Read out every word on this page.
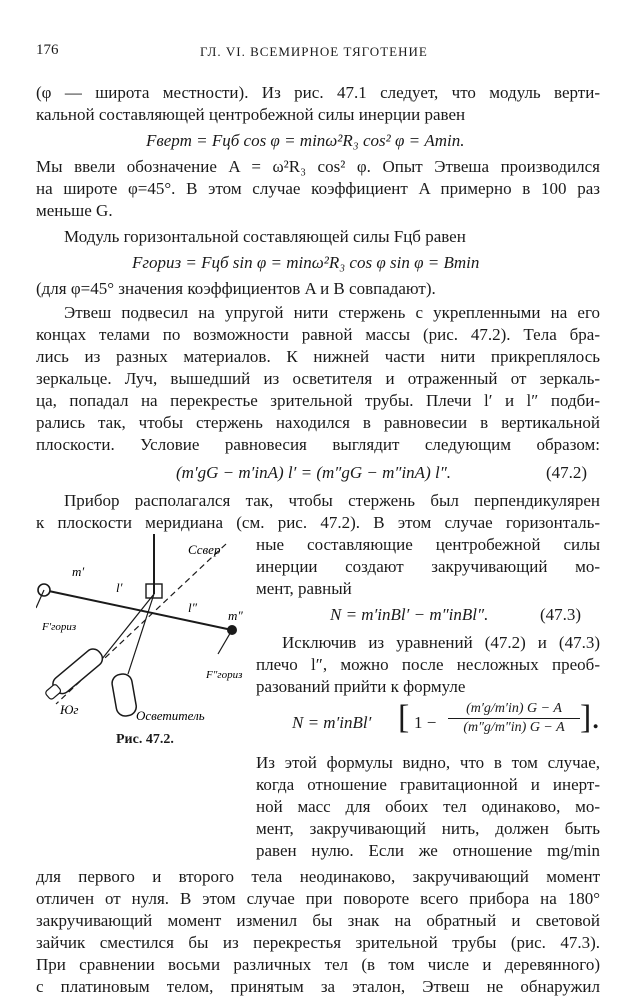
176	ГЛ. VI. ВСЕМИРНОЕ ТЯГОТЕНИЕ
(φ — широта местности). Из рис. 47.1 следует, что модуль верти-
кальной составляющей центробежной силы инерции равен
Fверт = Fцб cos φ = minω²R₃ cos² φ = Amin.
Мы ввели обозначение A = ω²R₃ cos² φ. Опыт Этвеша производился
на широте φ=45°. В этом случае коэффициент A примерно в 100 раз
меньше G.
Модуль горизонтальной составляющей силы Fцб равен
Fгориз = Fцб sin φ = minω²R₃ cos φ sin φ = Bmin
(для φ=45° значения коэффициентов A и B совпадают).
Этвеш подвесил на упругой нити стержень с укрепленными на его
концах телами по возможности равной массы (рис. 47.2). Тела бра-
лись из разных материалов. К нижней части нити прикреплялось
зеркальце. Луч, вышедший из осветителя и отраженный от зеркаль-
ца, попадал на перекрестье зрительной трубы. Плечи l′ и l″ подби-
рались так, чтобы стержень находился в равновесии в вертикальной
плоскости. Условие равновесия выглядит следующим образом:
(m′gG − m′inA) l′ = (m″gG − m″inA) l″.	(47.2)
Прибор располагался так, чтобы стержень был перпендикулярен
к плоскости меридиана (см. рис. 47.2). В этом случае горизонталь-
ные составляющие центробежной силы
инерции создают закручивающий мо-
мент, равный
N = m′inBl′ − m″inBl″.	(47.3)
Исключив из уравнений (47.2) и (47.3)
плечо l″, можно после несложных преоб-
разований прийти к формуле
N = m′inBl′ [ $1 - \frac{(m'g/m'in) G - A}{(m''g/m''in) G - A}$ ].
Из этой формулы видно, что в том случае,
когда отношение гравитационной и инерт-
ной масс для обоих тел одинаково, мо-
мент, закручивающий нить, должен быть
равен нулю. Если же отношение mg/min
для первого и второго тела неодинаково, закручивающий момент
отличен от нуля. В этом случае при повороте всего прибора на 180°
закручивающий момент изменил бы знак на обратный и световой
зайчик сместился бы из перекрестья зрительной трубы (рис. 47.3).
При сравнении восьми различных тел (в том числе и деревянного)
с платиновым телом, принятым за эталон, Этвеш не обнаружил
Ссвер
Юг	Осветитель
m′
m″
l′
l″
F′гориз
F″гориз
Рис. 47.2.
